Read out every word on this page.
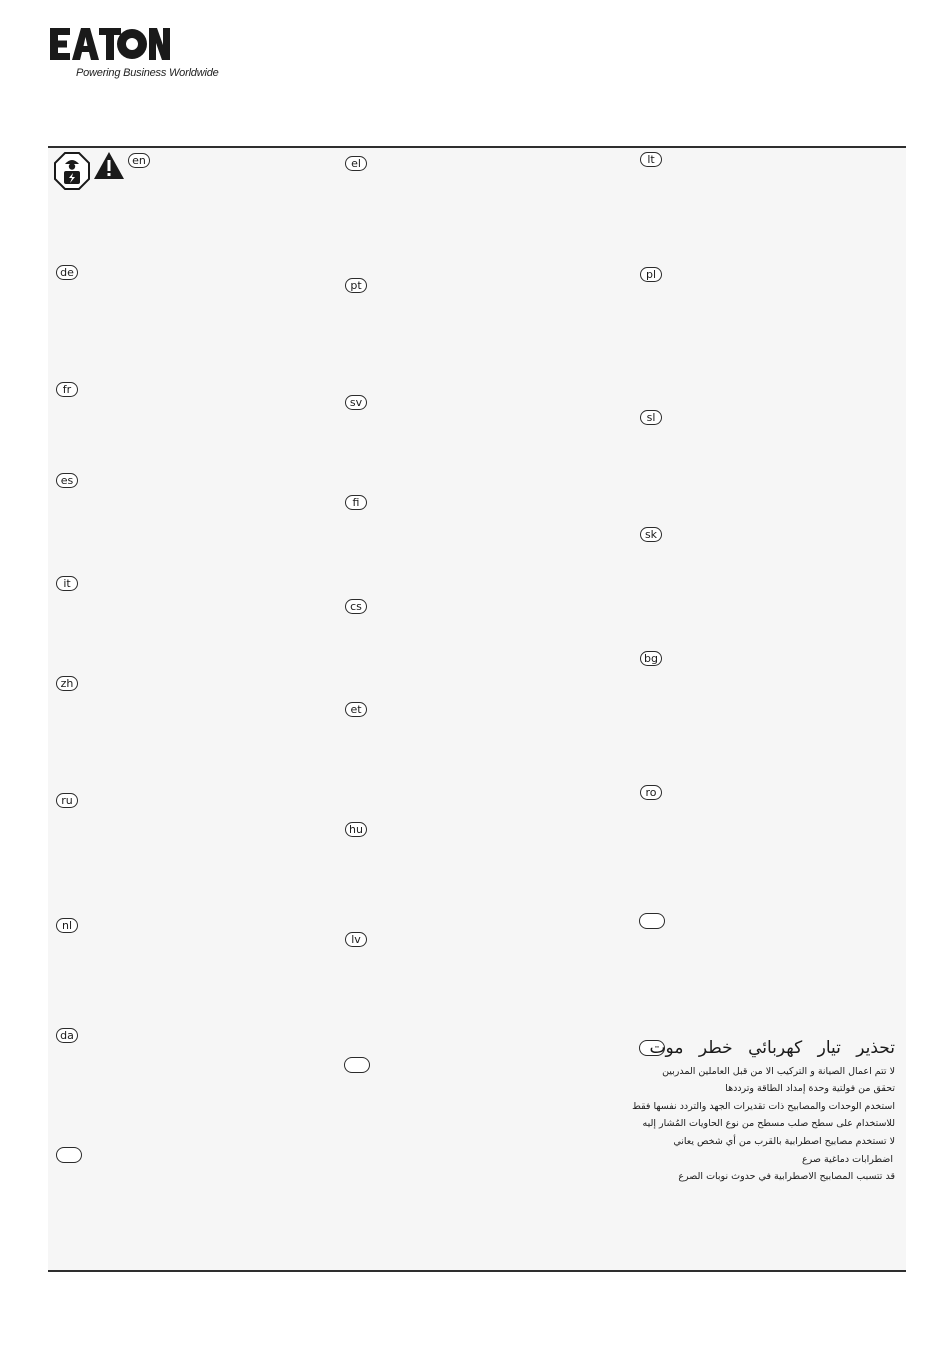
Powering Business Worldwide
en
de
fr
es
it
zh
ru
nl
da
el
pt
sv
fi
cs
et
hu
lv
lt
pl
sl
sk
bg
ro
تحذير تيار كهربائي خطر موت
لا تتم اعمال الصيانة و التركيب الا من قبل العاملين المدربين
تحقق من فولتية وحدة إمداد الطاقة وترددها
استخدم الوحدات والمصابيح ذات تقديرات الجهد والتردد نفسها فقط
للاستخدام على سطح صلب مسطح من نوع الحاويات المُشار إليه
لا تستخدم مصابيح اصطرابية بالقرب من أي شخص يعاني
اضطرابات دماغية صرع
قد تتسبب المصابيح الاصطرابية في حدوث نوبات الصرع
